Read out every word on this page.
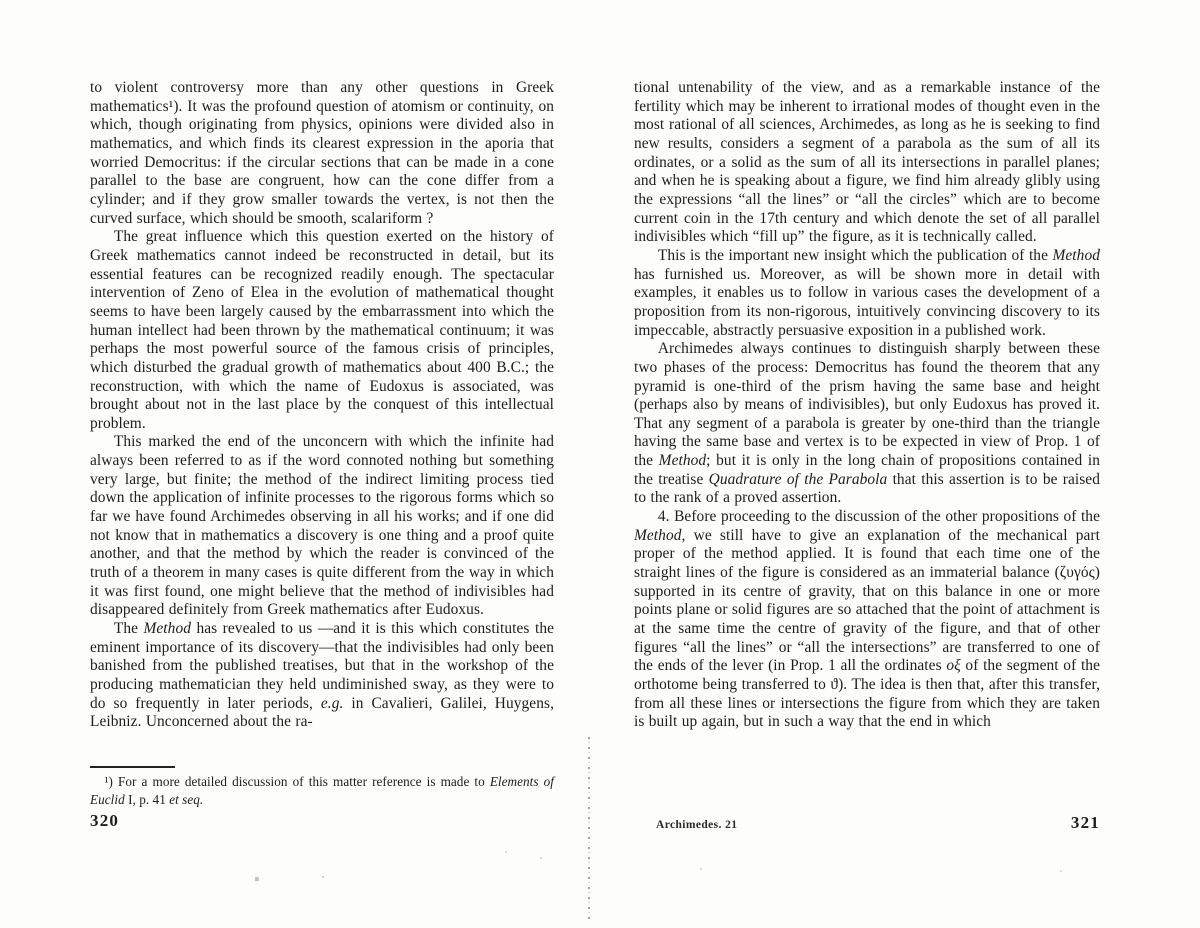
to violent controversy more than any other questions in Greek mathematics¹). It was the profound question of atomism or continuity, on which, though originating from physics, opinions were divided also in mathematics, and which finds its clearest expression in the aporia that worried Democritus: if the circular sections that can be made in a cone parallel to the base are congruent, how can the cone differ from a cylinder; and if they grow smaller towards the vertex, is not then the curved surface, which should be smooth, scalariform ?

The great influence which this question exerted on the history of Greek mathematics cannot indeed be reconstructed in detail, but its essential features can be recognized readily enough. The spectacular intervention of Zeno of Elea in the evolution of mathematical thought seems to have been largely caused by the embarrassment into which the human intellect had been thrown by the mathematical continuum; it was perhaps the most powerful source of the famous crisis of principles, which disturbed the gradual growth of mathematics about 400 B.C.; the reconstruction, with which the name of Eudoxus is associated, was brought about not in the last place by the conquest of this intellectual problem.

This marked the end of the unconcern with which the infinite had always been referred to as if the word connoted nothing but something very large, but finite; the method of the indirect limiting process tied down the application of infinite processes to the rigorous forms which so far we have found Archimedes observing in all his works; and if one did not know that in mathematics a discovery is one thing and a proof quite another, and that the method by which the reader is convinced of the truth of a theorem in many cases is quite different from the way in which it was first found, one might believe that the method of indivisibles had disappeared definitely from Greek mathematics after Eudoxus.

The Method has revealed to us —and it is this which constitutes the eminent importance of its discovery—that the indivisibles had only been banished from the published treatises, but that in the workshop of the producing mathematician they held undiminished sway, as they were to do so frequently in later periods, e.g. in Cavalieri, Galilei, Huygens, Leibniz. Unconcerned about the ra-

¹) For a more detailed discussion of this matter reference is made to Elements of Euclid I, p. 41 et seq.

320

tional untenability of the view, and as a remarkable instance of the fertility which may be inherent to irrational modes of thought even in the most rational of all sciences, Archimedes, as long as he is seeking to find new results, considers a segment of a parabola as the sum of all its ordinates, or a solid as the sum of all its intersections in parallel planes; and when he is speaking about a figure, we find him already glibly using the expressions “all the lines” or “all the circles” which are to become current coin in the 17th century and which denote the set of all parallel indivisibles which “fill up” the figure, as it is technically called.

This is the important new insight which the publication of the Method has furnished us. Moreover, as will be shown more in detail with examples, it enables us to follow in various cases the development of a proposition from its non-rigorous, intuitively convincing discovery to its impeccable, abstractly persuasive exposition in a published work.

Archimedes always continues to distinguish sharply between these two phases of the process: Democritus has found the theorem that any pyramid is one-third of the prism having the same base and height (perhaps also by means of indivisibles), but only Eudoxus has proved it. That any segment of a parabola is greater by one-third than the triangle having the same base and vertex is to be expected in view of Prop. 1 of the Method; but it is only in the long chain of propositions contained in the treatise Quadrature of the Parabola that this assertion is to be raised to the rank of a proved assertion.

4. Before proceeding to the discussion of the other propositions of the Method, we still have to give an explanation of the mechanical part proper of the method applied. It is found that each time one of the straight lines of the figure is considered as an immaterial balance (ζυγός) supported in its centre of gravity, that on this balance in one or more points plane or solid figures are so attached that the point of attachment is at the same time the centre of gravity of the figure, and that of other figures “all the lines” or “all the intersections” are transferred to one of the ends of the lever (in Prop. 1 all the ordinates oξ of the segment of the orthotome being transferred to ϑ). The idea is then that, after this transfer, from all these lines or intersections the figure from which they are taken is built up again, but in such a way that the end in which

Archimedes. 21	321
